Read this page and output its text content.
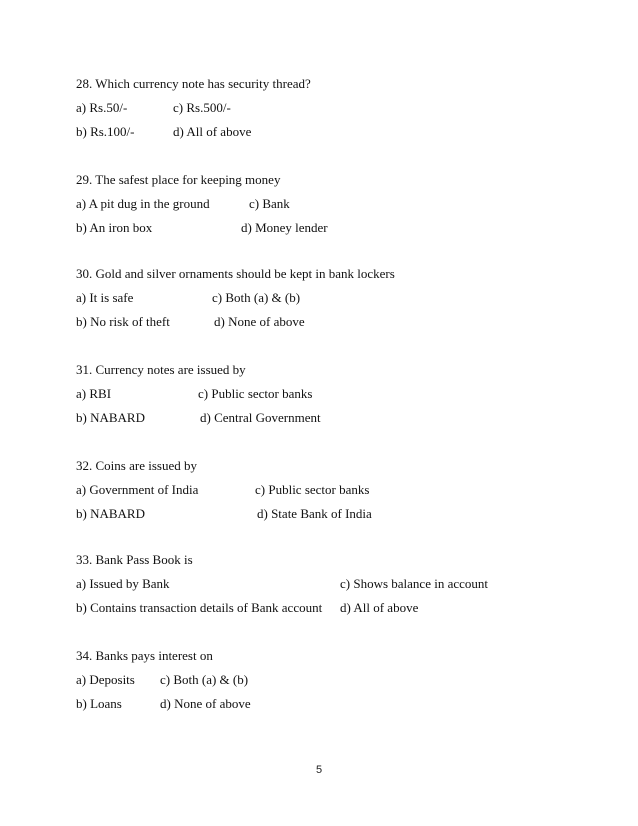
28. Which currency note has security thread?
a) Rs.50/-	c) Rs.500/-
b) Rs.100/-	d) All of above
29. The safest place for keeping money
a) A pit dug in the ground	c) Bank
b) An iron box	d) Money lender
30. Gold and silver ornaments should be kept in bank lockers
a) It is safe	c) Both (a) & (b)
b) No risk of theft	d) None of above
31. Currency notes are issued by
a) RBI	c) Public sector banks
b) NABARD	d) Central Government
32. Coins are issued by
a) Government of India	c) Public sector banks
b) NABARD	d) State Bank of India
33. Bank Pass Book is
a) Issued by Bank	c) Shows balance in account
b) Contains transaction details of Bank account d) All of above
34. Banks pays interest on
a) Deposits c) Both (a) & (b)
b) Loans	d) None of above
5
